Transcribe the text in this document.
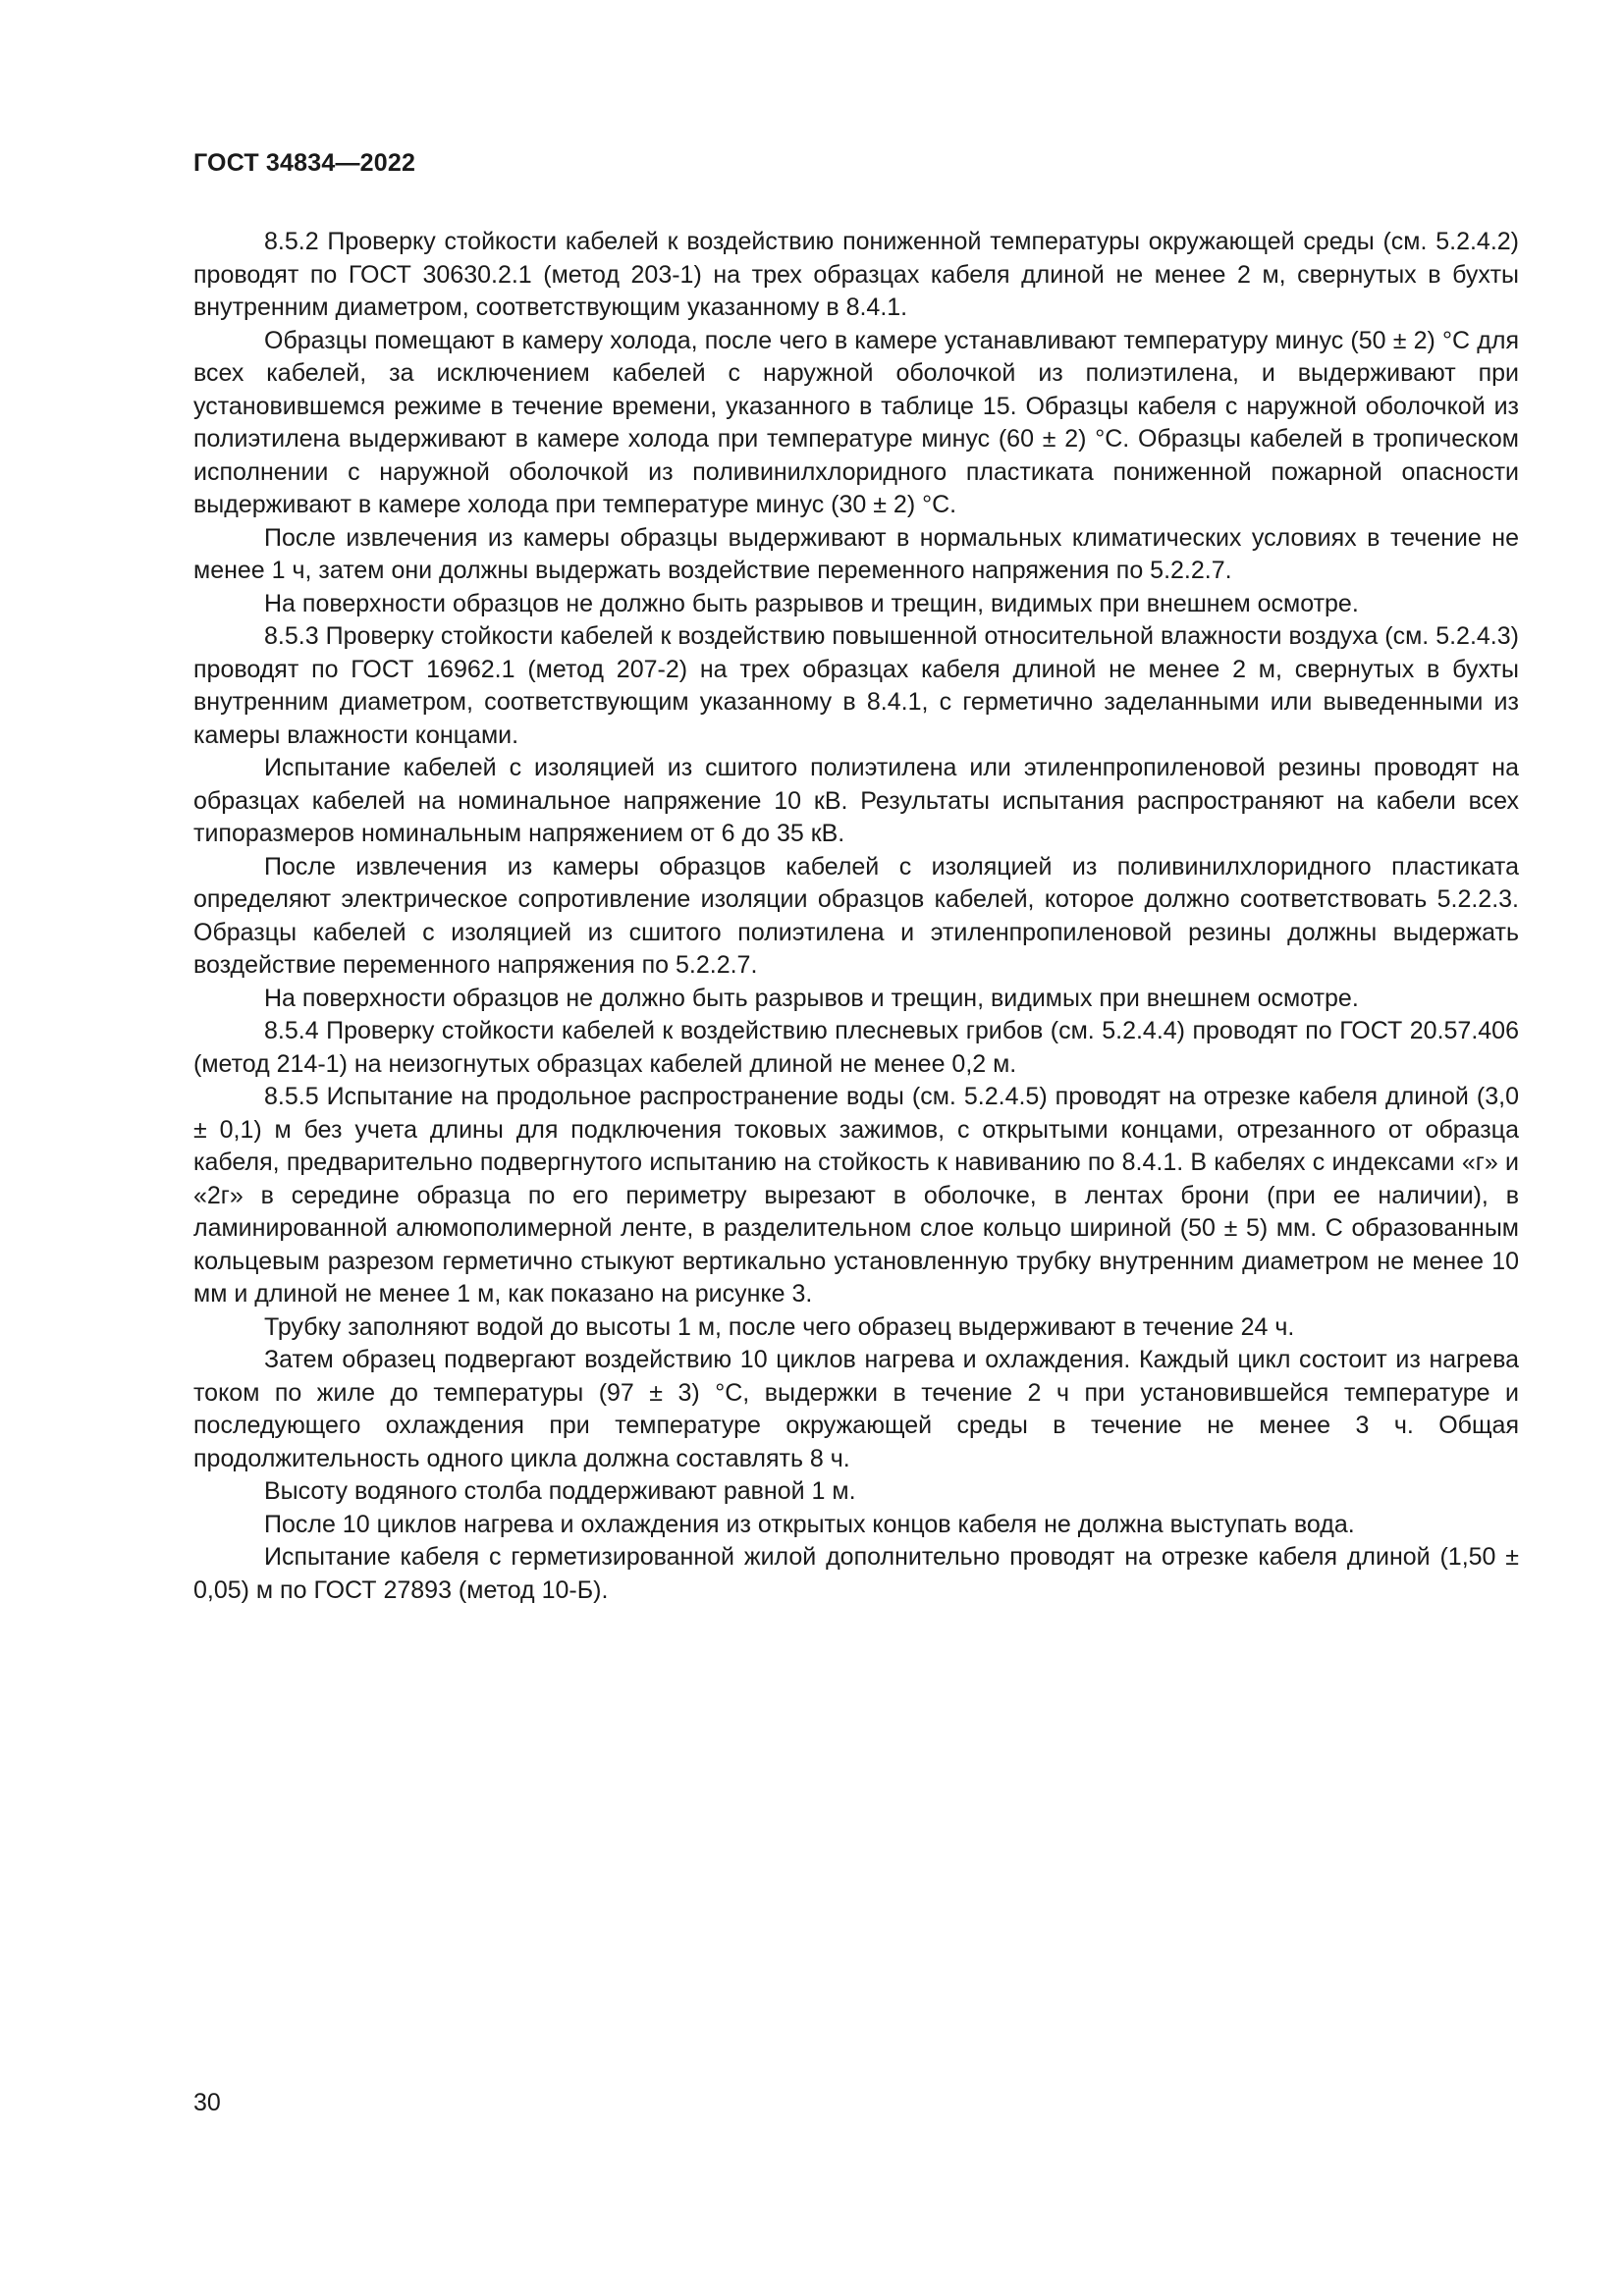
ГОСТ 34834—2022

8.5.2 Проверку стойкости кабелей к воздействию пониженной температуры окружающей среды (см. 5.2.4.2) проводят по ГОСТ 30630.2.1 (метод 203-1) на трех образцах кабеля длиной не менее 2 м, свернутых в бухты внутренним диаметром, соответствующим указанному в 8.4.1.

Образцы помещают в камеру холода, после чего в камере устанавливают температуру минус (50 ± 2) °С для всех кабелей, за исключением кабелей с наружной оболочкой из полиэтилена, и выдерживают при установившемся режиме в течение времени, указанного в таблице 15. Образцы кабеля с наружной оболочкой из полиэтилена выдерживают в камере холода при температуре минус (60 ± 2) °С. Образцы кабелей в тропическом исполнении с наружной оболочкой из поливинилхлоридного пластиката пониженной пожарной опасности выдерживают в камере холода при температуре минус (30 ± 2) °С.

После извлечения из камеры образцы выдерживают в нормальных климатических условиях в течение не менее 1 ч, затем они должны выдержать воздействие переменного напряжения по 5.2.2.7.

На поверхности образцов не должно быть разрывов и трещин, видимых при внешнем осмотре.

8.5.3 Проверку стойкости кабелей к воздействию повышенной относительной влажности воздуха (см. 5.2.4.3) проводят по ГОСТ 16962.1 (метод 207-2) на трех образцах кабеля длиной не менее 2 м, свернутых в бухты внутренним диаметром, соответствующим указанному в 8.4.1, с герметично заделанными или выведенными из камеры влажности концами.

Испытание кабелей с изоляцией из сшитого полиэтилена или этиленпропиленовой резины проводят на образцах кабелей на номинальное напряжение 10 кВ. Результаты испытания распространяют на кабели всех типоразмеров номинальным напряжением от 6 до 35 кВ.

После извлечения из камеры образцов кабелей с изоляцией из поливинилхлоридного пластиката определяют электрическое сопротивление изоляции образцов кабелей, которое должно соответствовать 5.2.2.3. Образцы кабелей с изоляцией из сшитого полиэтилена и этиленпропиленовой резины должны выдержать воздействие переменного напряжения по 5.2.2.7.

На поверхности образцов не должно быть разрывов и трещин, видимых при внешнем осмотре.

8.5.4 Проверку стойкости кабелей к воздействию плесневых грибов (см. 5.2.4.4) проводят по ГОСТ 20.57.406 (метод 214-1) на неизогнутых образцах кабелей длиной не менее 0,2 м.

8.5.5 Испытание на продольное распространение воды (см. 5.2.4.5) проводят на отрезке кабеля длиной (3,0 ± 0,1) м без учета длины для подключения токовых зажимов, с открытыми концами, отрезанного от образца кабеля, предварительно подвергнутого испытанию на стойкость к навиванию по 8.4.1. В кабелях с индексами «г» и «2г» в середине образца по его периметру вырезают в оболочке, в лентах брони (при ее наличии), в ламинированной алюмополимерной ленте, в разделительном слое кольцо шириной (50 ± 5) мм. С образованным кольцевым разрезом герметично стыкуют вертикально установленную трубку внутренним диаметром не менее 10 мм и длиной не менее 1 м, как показано на рисунке 3.

Трубку заполняют водой до высоты 1 м, после чего образец выдерживают в течение 24 ч.

Затем образец подвергают воздействию 10 циклов нагрева и охлаждения. Каждый цикл состоит из нагрева током по жиле до температуры (97 ± 3) °С, выдержки в течение 2 ч при установившейся температуре и последующего охлаждения при температуре окружающей среды в течение не менее 3 ч. Общая продолжительность одного цикла должна составлять 8 ч.

Высоту водяного столба поддерживают равной 1 м.

После 10 циклов нагрева и охлаждения из открытых концов кабеля не должна выступать вода.

Испытание кабеля с герметизированной жилой дополнительно проводят на отрезке кабеля длиной (1,50 ± 0,05) м по ГОСТ 27893 (метод 10-Б).

30
